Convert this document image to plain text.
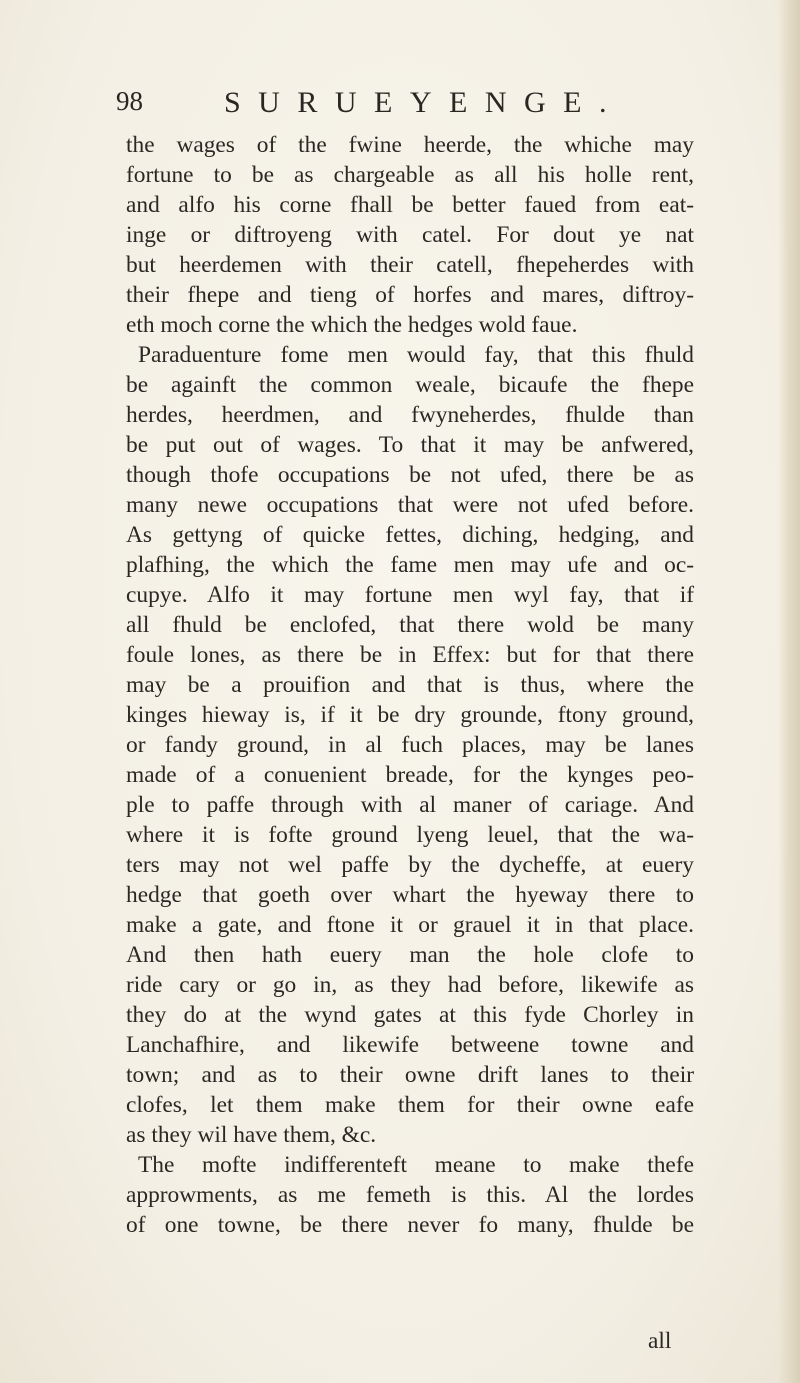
98	SURUEYENGE.
the wages of the fwine heerde, the whiche may
fortune to be as chargeable as all his holle rent,
and alfo his corne fhall be better faued from eat-
inge or diftroyeng with catel. For dout ye nat
but heerdemen with their catell, fhepeherdes with
their fhepe and tieng of horfes and mares, diftroy-
eth moch corne the which the hedges wold faue.
Paraduenture fome men would fay, that this fhuld
be againft the common weale, bicaufe the fhepe
herdes, heerdmen, and fwyneherdes, fhulde than
be put out of wages. To that it may be anfwered,
though thofe occupations be not ufed, there be as
many newe occupations that were not ufed before.
As gettyng of quicke fettes, diching, hedging, and
plafhing, the which the fame men may ufe and oc-
cupye. Alfo it may fortune men wyl fay, that if
all fhuld be enclofed, that there wold be many
foule lones, as there be in Effex: but for that there
may be a prouifion and that is thus, where the
kinges hieway is, if it be dry grounde, ftony ground,
or fandy ground, in al fuch places, may be lanes
made of a conuenient breade, for the kynges peo-
ple to paffe through with al maner of cariage. And
where it is fofte ground lyeng leuel, that the wa-
ters may not wel paffe by the dycheffe, at euery
hedge that goeth over whart the hyeway there to
make a gate, and ftone it or grauel it in that place.
And then hath euery man the hole clofe to
ride cary or go in, as they had before, likewife as
they do at the wynd gates at this fyde Chorley in
Lanchafhire, and likewife betweene towne and
town; and as to their owne drift lanes to their
clofes, let them make them for their owne eafe
as they wil have them, &c.
The mofte indifferenteft meane to make thefe
approwments, as me femeth is this. Al the lordes
of one towne, be there never fo many, fhulde be
all
